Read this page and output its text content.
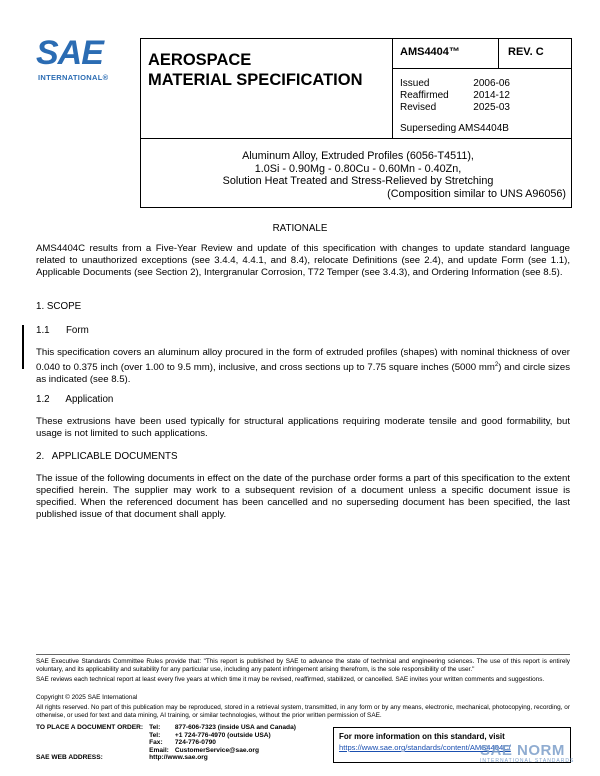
SAE
INTERNATIONAL®
AEROSPACE
MATERIAL SPECIFICATION
AMS4404™	REV. C
Issued	2006-06
Reaffirmed 2014-12
Revised	2025-03
Superseding AMS4404B
Aluminum Alloy, Extruded Profiles (6056-T4511),
1.0Si - 0.90Mg - 0.80Cu - 0.60Mn - 0.40Zn,
Solution Heat Treated and Stress-Relieved by Stretching
(Composition similar to UNS A96056)
RATIONALE
AMS4404C results from a Five-Year Review and update of this specification with changes to update standard language related to unauthorized exceptions (see 3.4.4, 4.4.1, and 8.4), relocate Definitions (see 2.4), and update Form (see 1.1), Applicable Documents (see Section 2), Intergranular Corrosion, T72 Temper (see 3.4.3), and Ordering Information (see 8.5).
1. SCOPE
1.1      Form
This specification covers an aluminum alloy procured in the form of extruded profiles (shapes) with nominal thickness of over 0.040 to 0.375 inch (over 1.00 to 9.5 mm), inclusive, and cross sections up to 7.75 square inches (5000 $mm^2$) and circle sizes as indicated (see 8.5).
1.2      Application
These extrusions have been used typically for structural applications requiring moderate tensile and good formability, but usage is not limited to such applications.
2.   APPLICABLE DOCUMENTS
The issue of the following documents in effect on the date of the purchase order forms a part of this specification to the extent specified herein. The supplier may work to a subsequent revision of a document unless a specific document issue is specified. When the referenced document has been cancelled and no superseding document has been specified, the last published issue of that document shall apply.
SAE Executive Standards Committee Rules provide that: "This report is published by SAE to advance the state of technical and engineering sciences. The use of this report is entirely voluntary, and its applicability and suitability for any particular use, including any patent infringement arising therefrom, is the sole responsibility of the user."
SAE reviews each technical report at least every five years at which time it may be revised, reaffirmed, stabilized, or cancelled. SAE invites your written comments and suggestions.
Copyright © 2025 SAE International
All rights reserved. No part of this publication may be reproduced, stored in a retrieval system, transmitted, in any form or by any means, electronic, mechanical, photocopying, recording, or otherwise, or used for text and data mining, AI training, or similar technologies, without the prior written permission of SAE.
TO PLACE A DOCUMENT ORDER:	Tel:	877-606-7323 (inside USA and Canada)
	Tel:	+1 724-776-4970 (outside USA)
	Fax:	724-776-0790
	Email:	CustomerService@sae.org
SAE WEB ADDRESS:	http://www.sae.org	
For more information on this standard, visit
https://www.sae.org/standards/content/AMS4404C/
SAE NORM
INTERNATIONAL STANDARDS
